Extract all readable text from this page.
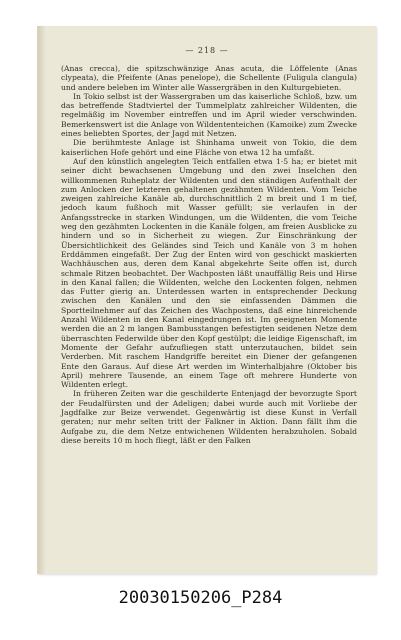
— 218 —

(Anas crecca), die spitzschwänzige Anas acuta, die Löffelente (Anas clypeata), die Pfeifente (Anas penelope), die Schellente (Fuligula clangula) und andere beleben im Winter alle Wassergräben in den Kulturgebieten.

In Tokio selbst ist der Wassergraben um das kaiserliche Schloß, bzw. um das betreffende Stadtviertel der Tummelplatz zahlreicher Wildenten, die regelmäßig im November eintreffen und im April wieder verschwinden. Bemerkenswert ist die Anlage von Wildententeichen (Kamoike) zum Zwecke eines beliebten Sportes, der Jagd mit Netzen.

Die berühmteste Anlage ist Shinhama unweit von Tokio, die dem kaiserlichen Hofe gehört und eine Fläche von etwa 12 ha umfaßt.

Auf den künstlich angelegten Teich entfallen etwa 1·5 ha; er bietet mit seiner dicht bewachsenen Umgebung und den zwei Inselchen den willkommenen Ruheplatz der Wildenten und den ständigen Aufenthalt der zum Anlocken der letzteren gehaltenen gezähmten Wildenten. Vom Teiche zweigen zahlreiche Kanäle ab, durchschnittlich 2 m breit und 1 m tief, jedoch kaum fußhoch mit Wasser gefüllt; sie verlaufen in der Anfangsstrecke in starken Windungen, um die Wildenten, die vom Teiche weg den gezähmten Lockenten in die Kanäle folgen, am freien Ausblicke zu hindern und so in Sicherheit zu wiegen. Zur Einschränkung der Übersichtlichkeit des Geländes sind Teich und Kanäle von 3 m hohen Erddämmen eingefaßt. Der Zug der Enten wird von geschickt maskierten Wachhäuschen aus, deren dem Kanal abgekehrte Seite offen ist, durch schmale Ritzen beobachtet. Der Wachposten läßt unauffällig Reis und Hirse in den Kanal fallen; die Wildenten, welche den Lockenten folgen, nehmen das Futter gierig an. Unterdessen warten in entsprechender Deckung zwischen den Kanälen und den sie einfassenden Dämmen die Sportteilnehmer auf das Zeichen des Wachpostens, daß eine hinreichende Anzahl Wildenten in den Kanal eingedrungen ist. Im geeigneten Momente werden die an 2 m langen Bambusstangen befestigten seidenen Netze dem überraschten Federwilde über den Kopf gestülpt; die leidige Eigenschaft, im Momente der Gefahr aufzufliegen statt unterzutauchen, bildet sein Verderben. Mit raschem Handgriffe bereitet ein Diener der gefangenen Ente den Garaus. Auf diese Art werden im Winterhalbjahre (Oktober bis April) mehrere Tausende, an einem Tage oft mehrere Hunderte von Wildenten erlegt.

In früheren Zeiten war die geschilderte Entenjagd der bevorzugte Sport der Feudalfürsten und der Adeligen; dabei wurde auch mit Vorliebe der Jagdfalke zur Beize verwendet. Gegenwärtig ist diese Kunst in Verfall geraten; nur mehr selten tritt der Falkner in Aktion. Dann fällt ihm die Aufgabe zu, die dem Netze entwichenen Wildenten herabzuholen. Sobald diese bereits 10 m hoch fliegt, läßt er den Falken

20030150206_P284
